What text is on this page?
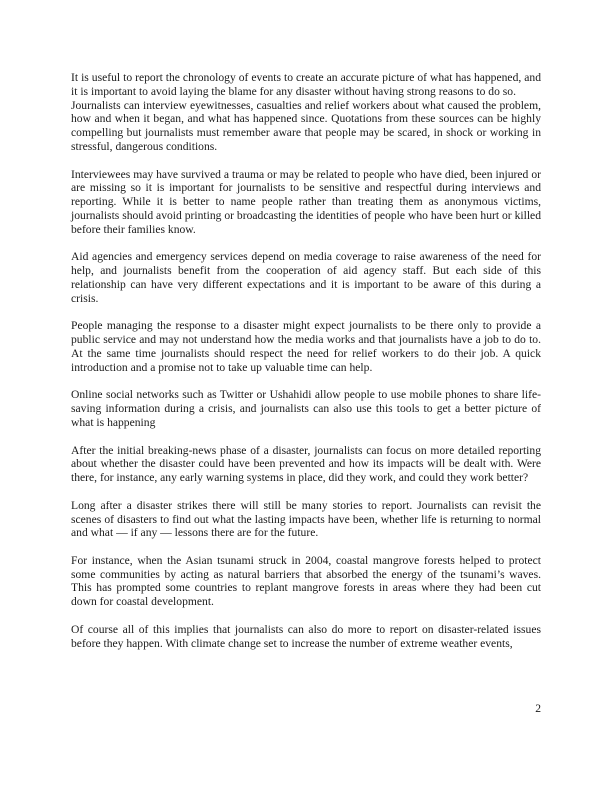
It is useful to report the chronology of events to create an accurate picture of what has happened, and it is important to avoid laying the blame for any disaster without having strong reasons to do so.

Journalists can interview eyewitnesses, casualties and relief workers about what caused the problem, how and when it began, and what has happened since. Quotations from these sources can be highly compelling but journalists must remember aware that people may be scared, in shock or working in stressful, dangerous conditions.

Interviewees may have survived a trauma or may be related to people who have died, been injured or are missing so it is important for journalists to be sensitive and respectful during interviews and reporting. While it is better to name people rather than treating them as anonymous victims, journalists should avoid printing or broadcasting the identities of people who have been hurt or killed before their families know.

Aid agencies and emergency services depend on media coverage to raise awareness of the need for help, and journalists benefit from the cooperation of aid agency staff. But each side of this relationship can have very different expectations and it is important to be aware of this during a crisis.

People managing the response to a disaster might expect journalists to be there only to provide a public service and may not understand how the media works and that journalists have a job to do to. At the same time journalists should respect the need for relief workers to do their job. A quick introduction and a promise not to take up valuable time can help.

Online social networks such as Twitter or Ushahidi allow people to use mobile phones to share life-saving information during a crisis, and journalists can also use this tools to get a better picture of what is happening

After the initial breaking-news phase of a disaster, journalists can focus on more detailed reporting about whether the disaster could have been prevented and how its impacts will be dealt with. Were there, for instance, any early warning systems in place, did they work, and could they work better?

Long after a disaster strikes there will still be many stories to report. Journalists can revisit the scenes of disasters to find out what the lasting impacts have been, whether life is returning to normal and what — if any — lessons there are for the future.

For instance, when the Asian tsunami struck in 2004, coastal mangrove forests helped to protect some communities by acting as natural barriers that absorbed the energy of the tsunami’s waves. This has prompted some countries to replant mangrove forests in areas where they had been cut down for coastal development.

Of course all of this implies that journalists can also do more to report on disaster-related issues before they happen. With climate change set to increase the number of extreme weather events,

2
